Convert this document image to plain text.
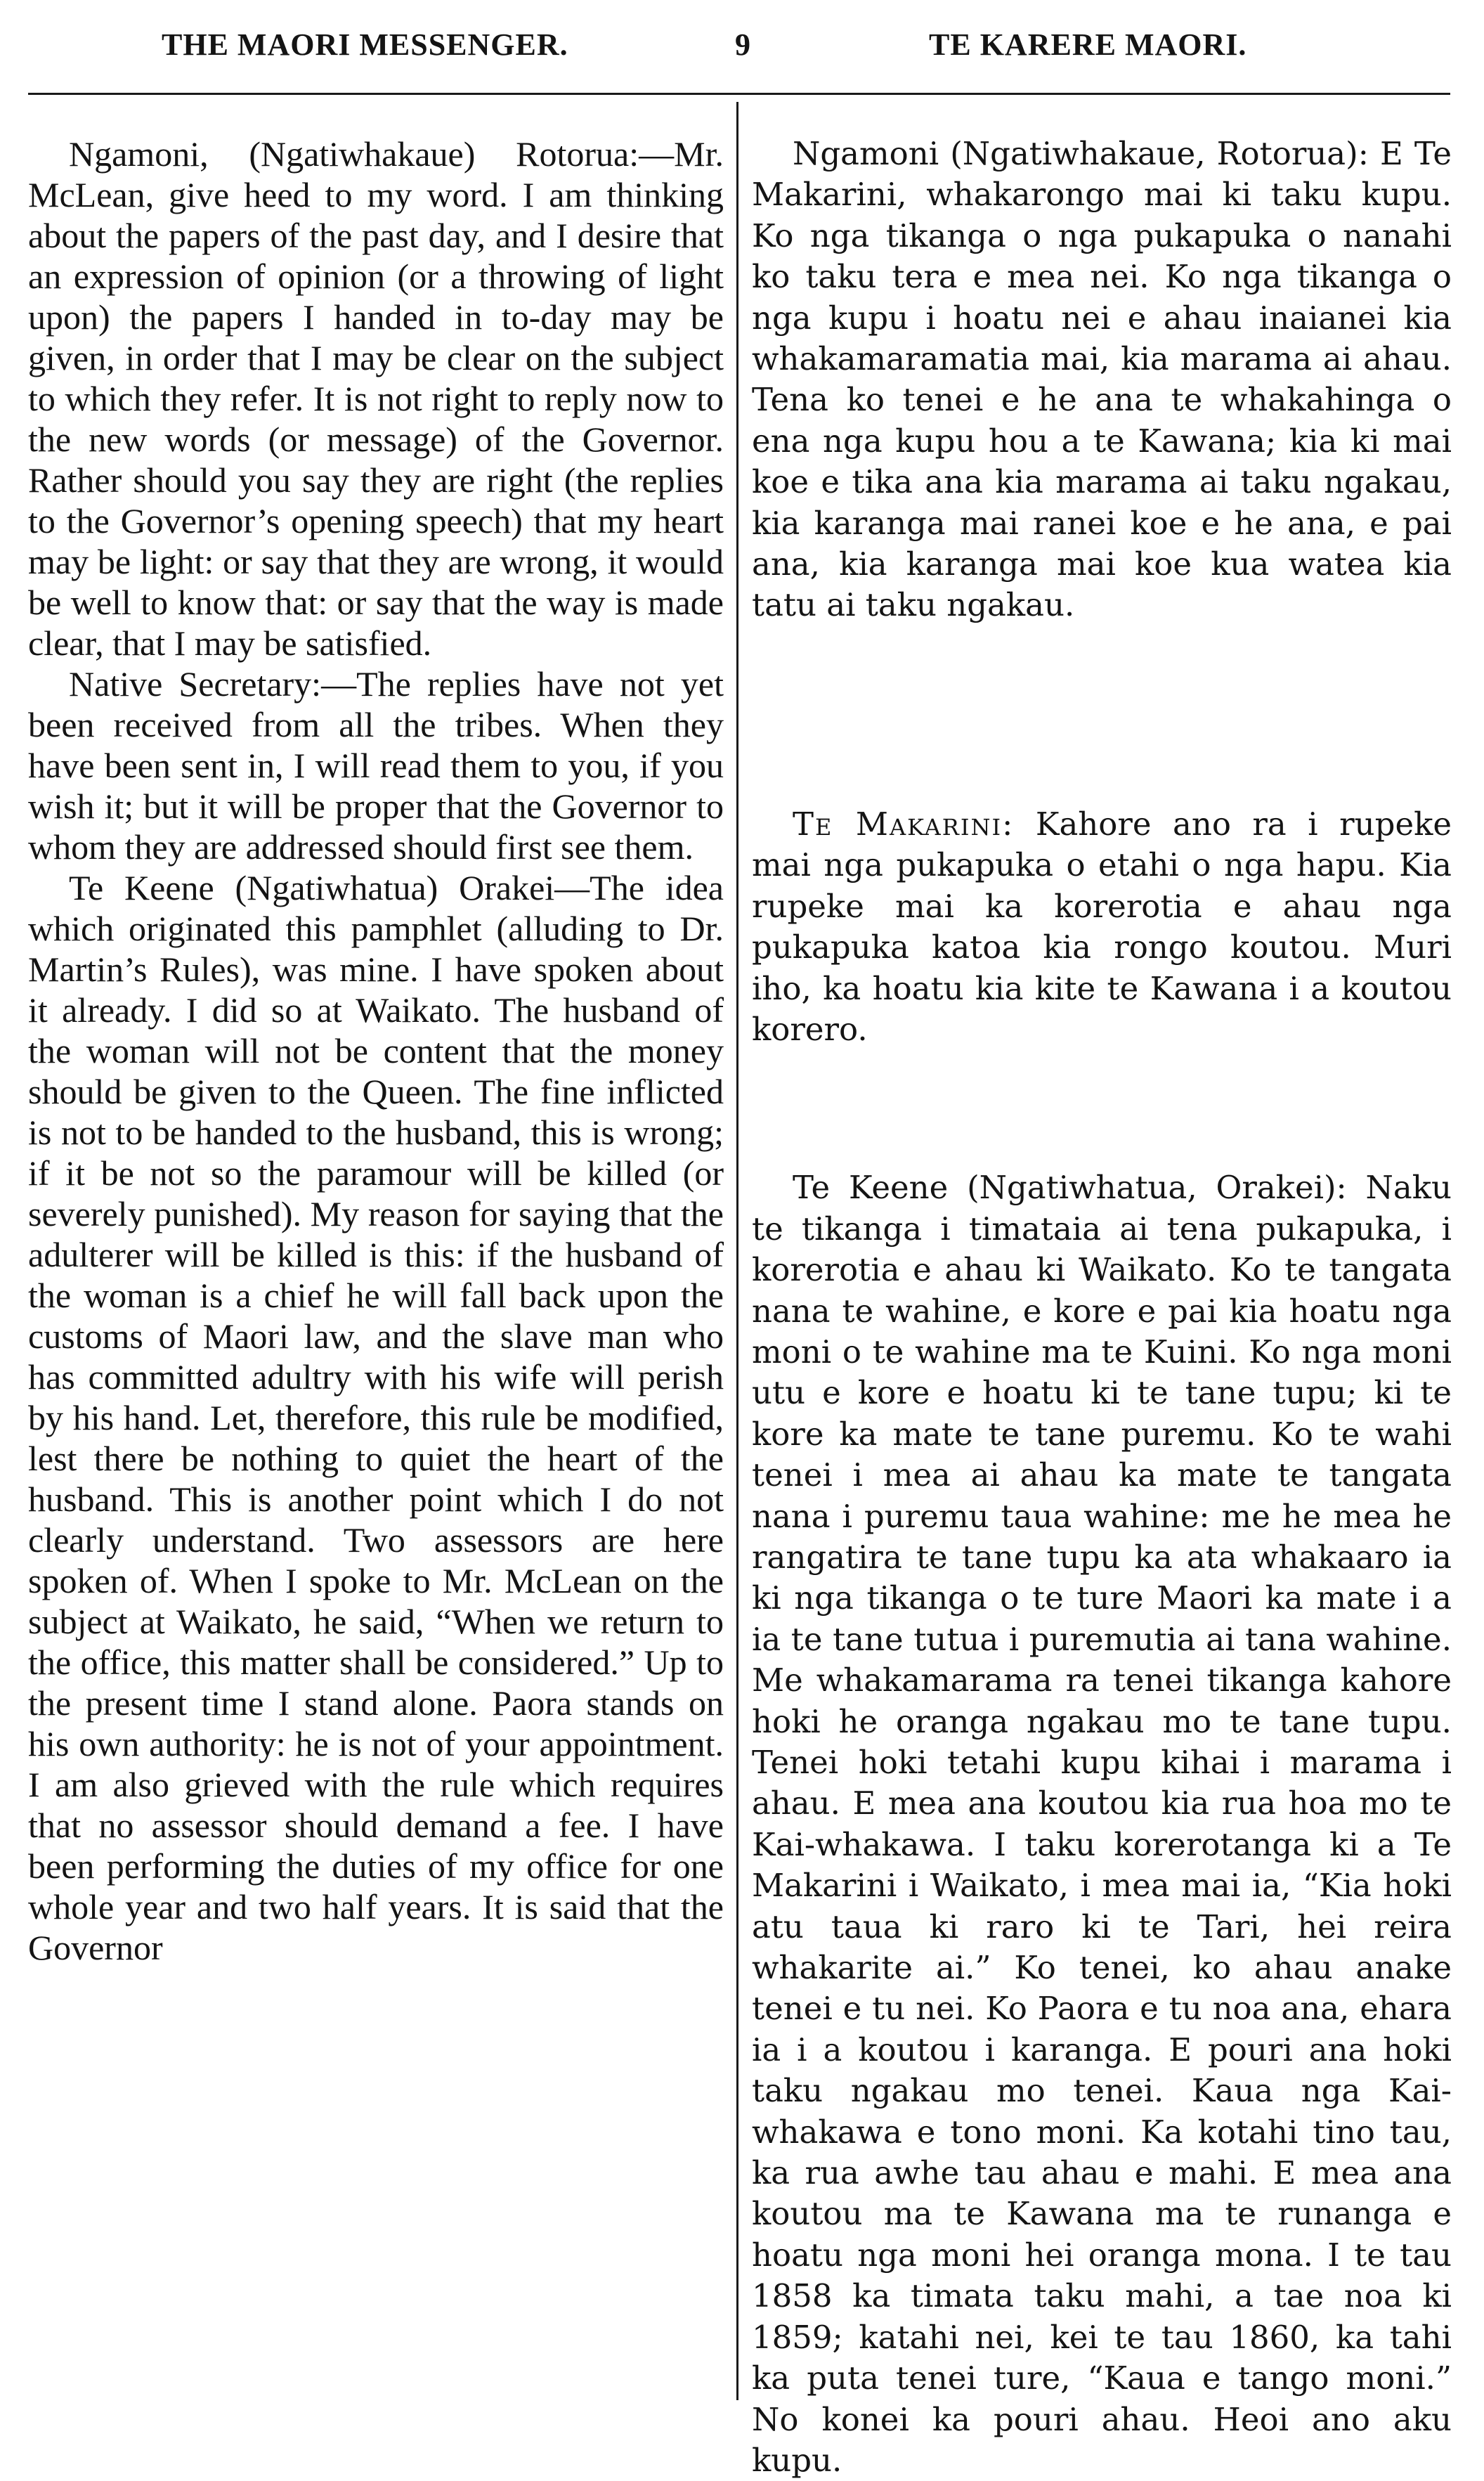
THE MAORI MESSENGER.	9	TE KARERE MAORI.

Ngamoni, (Ngatiwhakaue) Rotorua:—Mr. McLean, give heed to my word. I am thinking about the papers of the past day, and I desire that an expression of opinion (or a throwing of light upon) the papers I handed in to-day may be given, in order that I may be clear on the subject to which they refer. It is not right to reply now to the new words (or message) of the Governor. Rather should you say they are right (the replies to the Governor’s opening speech) that my heart may be light: or say that they are wrong, it would be well to know that: or say that the way is made clear, that I may be satisfied.

Native Secretary:—The replies have not yet been received from all the tribes. When they have been sent in, I will read them to you, if you wish it; but it will be proper that the Governor to whom they are addressed should first see them.

Te Keene (Ngatiwhatua) Orakei—The idea which originated this pamphlet (alluding to Dr. Martin’s Rules), was mine. I have spoken about it already. I did so at Waikato. The husband of the woman will not be content that the money should be given to the Queen. The fine inflicted is not to be handed to the husband, this is wrong; if it be not so the paramour will be killed (or severely punished). My reason for saying that the adulterer will be killed is this: if the husband of the woman is a chief he will fall back upon the customs of Maori law, and the slave man who has committed adultry with his wife will perish by his hand. Let, therefore, this rule be modified, lest there be nothing to quiet the heart of the husband. This is another point which I do not clearly understand. Two assessors are here spoken of. When I spoke to Mr. McLean on the subject at Waikato, he said, “When we return to the office, this matter shall be considered.” Up to the present time I stand alone. Paora stands on his own authority: he is not of your appointment. I am also grieved with the rule which requires that no assessor should demand a fee. I have been performing the duties of my office for one whole year and two half years. It is said that the Governor

Ngamoni (Ngatiwhakaue, Rotorua): E Te Makarini, whakarongo mai ki taku kupu. Ko nga tikanga o nga pukapuka o nanahi ko taku tera e mea nei. Ko nga tikanga o nga kupu i hoatu nei e ahau inaianei kia whakamaramatia mai, kia marama ai ahau. Tena ko tenei e he ana te whakahinga o ena nga kupu hou a te Kawana; kia ki mai koe e tika ana kia marama ai taku ngakau, kia karanga mai ranei koe e he ana, e pai ana, kia karanga mai koe kua watea kia tatu ai taku ngakau.

Te Makarini: Kahore ano ra i rupeke mai nga pukapuka o etahi o nga hapu. Kia rupeke mai ka korerotia e ahau nga pukapuka katoa kia rongo koutou. Muri iho, ka hoatu kia kite te Kawana i a koutou korero.

Te Keene (Ngatiwhatua, Orakei): Naku te tikanga i timataia ai tena pukapuka, i korerotia e ahau ki Waikato. Ko te tangata nana te wahine, e kore e pai kia hoatu nga moni o te wahine ma te Kuini. Ko nga moni utu e kore e hoatu ki te tane tupu; ki te kore ka mate te tane puremu. Ko te wahi tenei i mea ai ahau ka mate te tangata nana i puremu taua wahine: me he mea he rangatira te tane tupu ka ata whakaaro ia ki nga tikanga o te ture Maori ka mate i a ia te tane tutua i puremutia ai tana wahine. Me whakamarama ra tenei tikanga kahore hoki he oranga ngakau mo te tane tupu. Tenei hoki tetahi kupu kihai i marama i ahau. E mea ana koutou kia rua hoa mo te Kai-whakawa. I taku korerotanga ki a Te Makarini i Waikato, i mea mai ia, “Kia hoki atu taua ki raro ki te Tari, hei reira whakarite ai.” Ko tenei, ko ahau anake tenei e tu nei. Ko Paora e tu noa ana, ehara ia i a koutou i karanga. E pouri ana hoki taku ngakau mo tenei. Kaua nga Kai-whakawa e tono moni. Ka kotahi tino tau, ka rua awhe tau ahau e mahi. E mea ana koutou ma te Kawana ma te runanga e hoatu nga moni hei oranga mona. I te tau 1858 ka timata taku mahi, a tae noa ki 1859; katahi nei, kei te tau 1860, ka tahi ka puta tenei ture, “Kaua e tango moni.” No konei ka pouri ahau. Heoi ano aku kupu.
